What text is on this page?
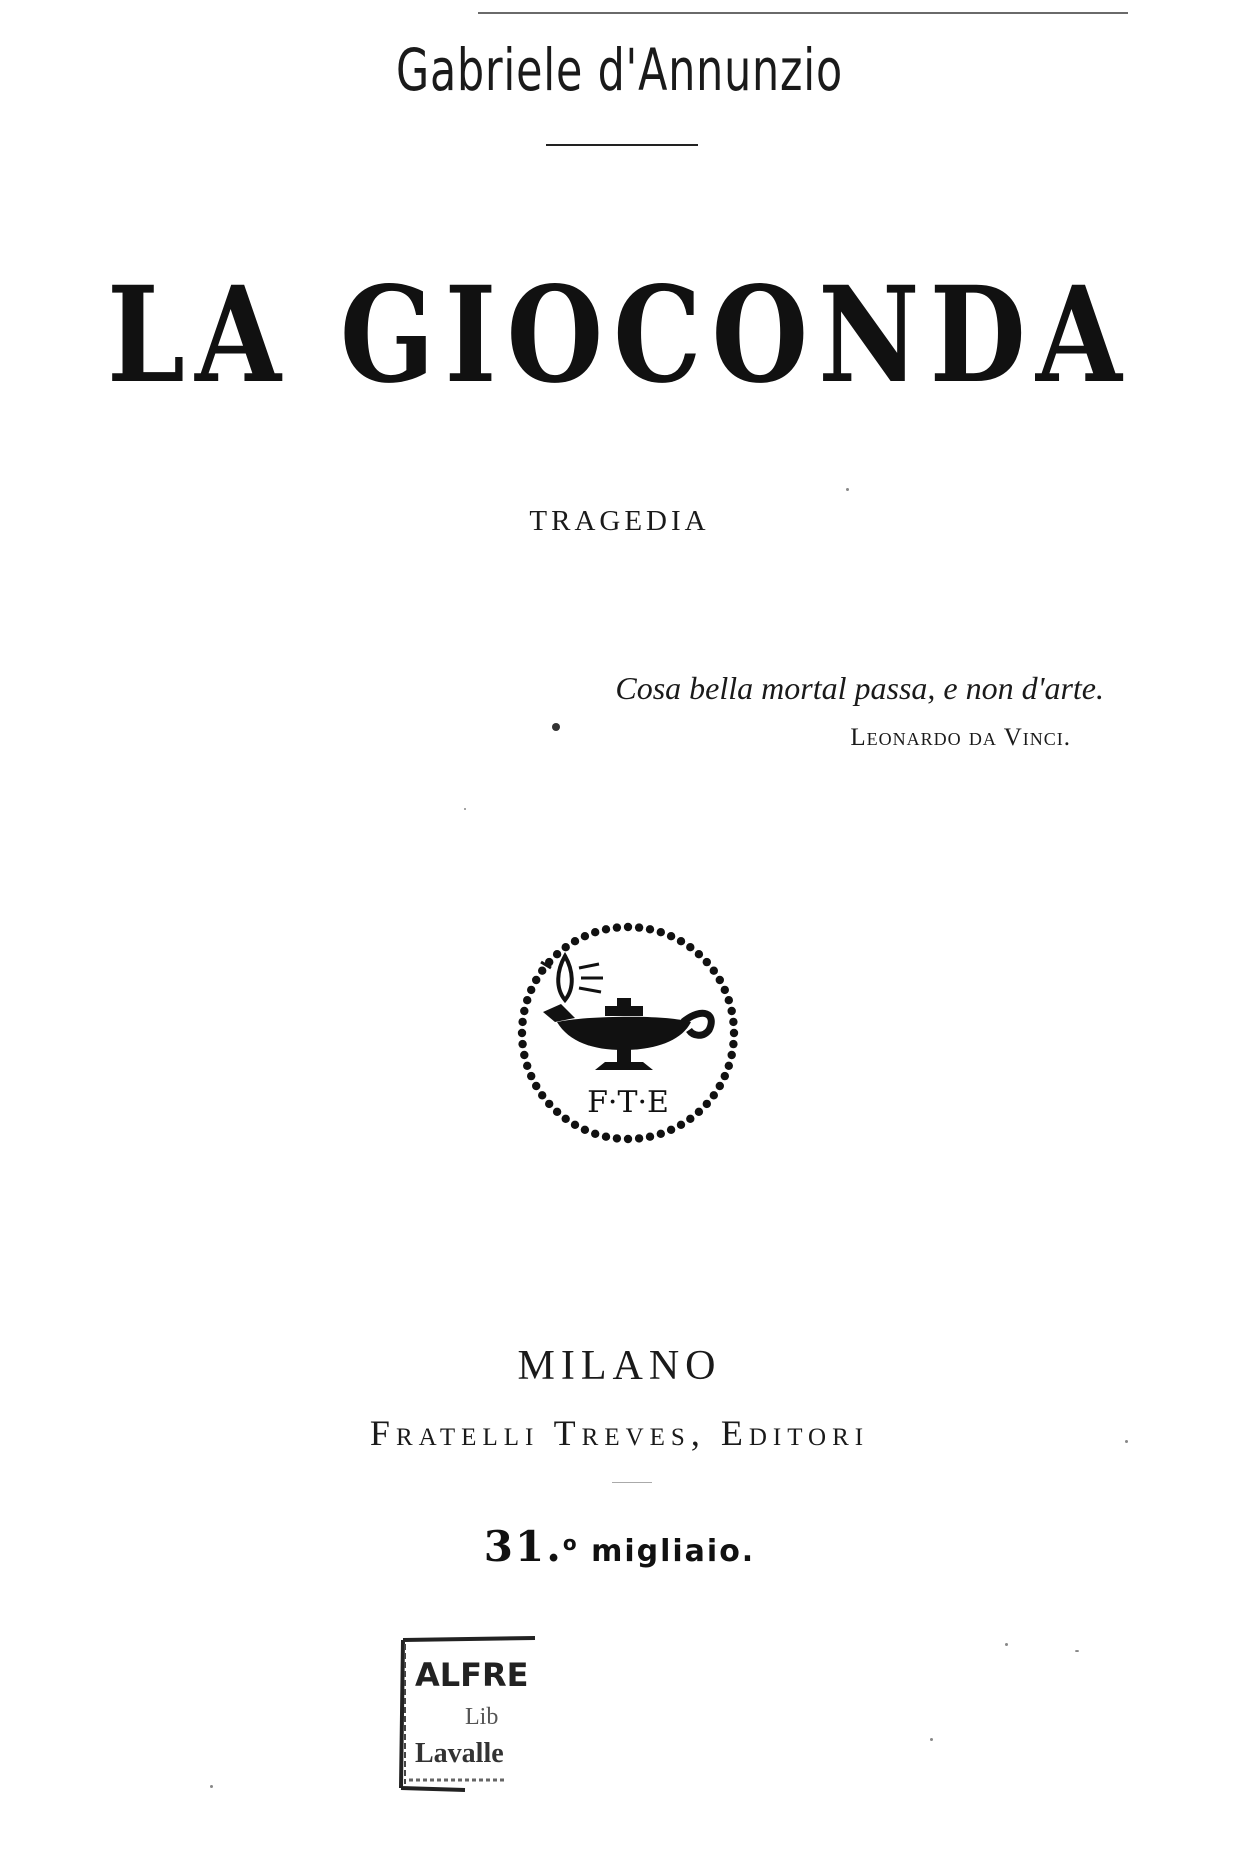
Gabriele d'Annunzio
LA GIOCONDA
TRAGEDIA
Cosa bella mortal passa, e non d'arte.
Leonardo da Vinci.
F·T·E
MILANO
Fratelli Treves, Editori
31.$^o$ migliaio.
ALFRE
Lib
Lavalle
